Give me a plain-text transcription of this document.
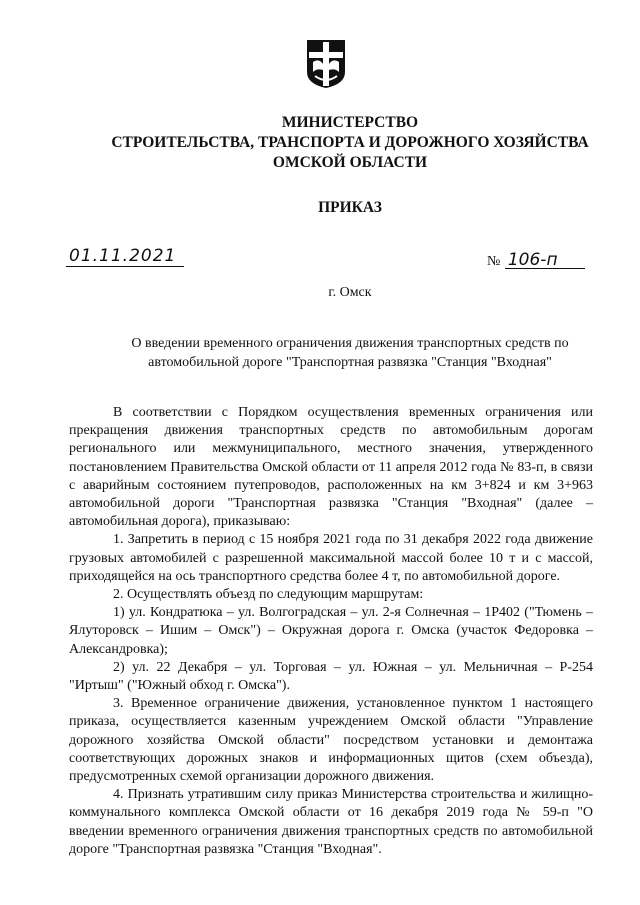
МИНИСТЕРСТВО
СТРОИТЕЛЬСТВА, ТРАНСПОРТА И ДОРОЖНОГО ХОЗЯЙСТВА
ОМСКОЙ ОБЛАСТИ
ПРИКАЗ
01.11.2021	№ 106-п
г. Омск
О введении временного ограничения движения транспортных средств по
автомобильной дороге "Транспортная развязка "Станция "Входная"

В соответствии с Порядком осуществления временных ограничения или прекращения движения транспортных средств по автомобильным дорогам регионального или межмуниципального, местного значения, утвержденного постановлением Правительства Омской области от 11 апреля 2012 года № 83-п, в связи с аварийным состоянием путепроводов, расположенных на км 3+824 и км 3+963 автомобильной дороги "Транспортная развязка "Станция "Входная" (далее – автомобильная дорога), приказываю:

1. Запретить в период с 15 ноября 2021 года по 31 декабря 2022 года движение грузовых автомобилей с разрешенной максимальной массой более 10 т и с массой, приходящейся на ось транспортного средства более 4 т, по автомобильной дороге.

2. Осуществлять объезд по следующим маршрутам:

1) ул. Кондратюка – ул. Волгоградская – ул. 2-я Солнечная – 1Р402 ("Тюмень – Ялуторовск – Ишим – Омск") – Окружная дорога г. Омска (участок Федоровка – Александровка);

2) ул. 22 Декабря – ул. Торговая – ул. Южная – ул. Мельничная – Р-254 "Иртыш" ("Южный обход г. Омска").

3. Временное ограничение движения, установленное пунктом 1 настоящего приказа, осуществляется казенным учреждением Омской области "Управление дорожного хозяйства Омской области" посредством установки и демонтажа соответствующих дорожных знаков и информационных щитов (схем объезда), предусмотренных схемой организации дорожного движения.

4. Признать утратившим силу приказ Министерства строительства и жилищно-коммунального комплекса Омской области от 16 декабря 2019 года № 59-п "О введении временного ограничения движения транспортных средств по автомобильной дороге "Транспортная развязка "Станция "Входная".
